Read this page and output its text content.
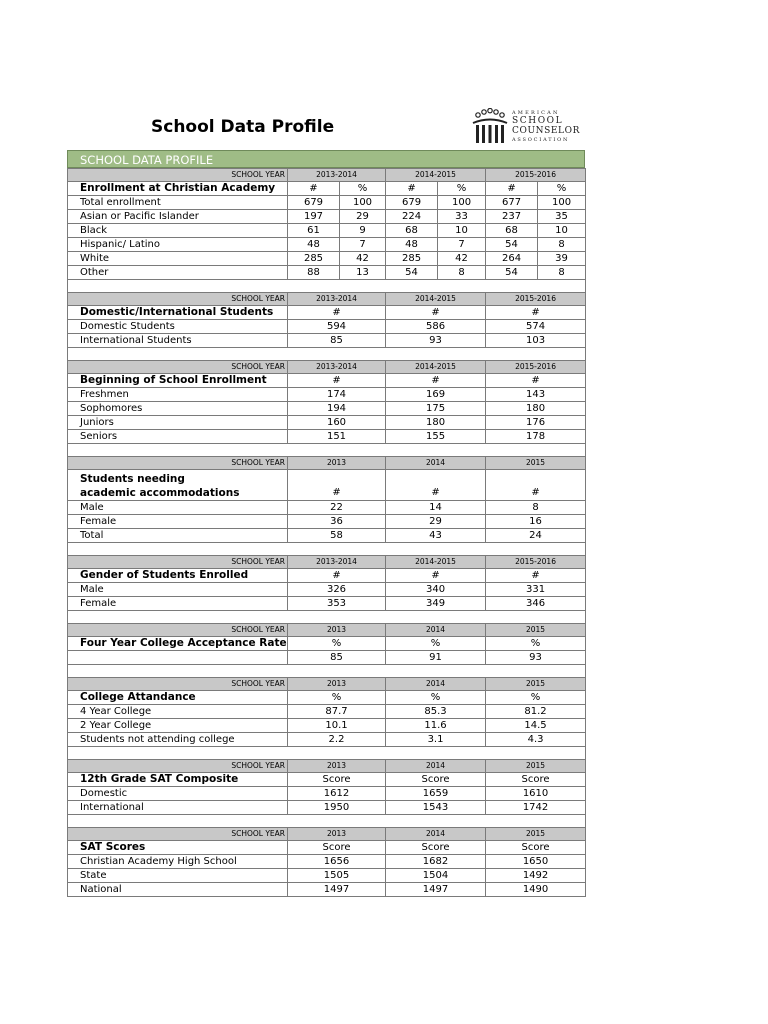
School Data Profile
AMERICAN
SCHOOL
COUNSELOR
ASSOCIATION
SCHOOL DATA PROFILE
SCHOOL YEAR	2013-2014		2014-2015		2015-2016	
Enrollment at Christian Academy	#	%	#	%	#	%
Total enrollment	679	100	679	100	677	100
Asian or Pacific Islander	197	29	224	33	237	35
Black	61	9	68	10	68	10
Hispanic/ Latino	48	7	48	7	54	8
White	285	42	285	42	264	39
Other	88	13	54	8	54	8

SCHOOL YEAR	2013-2014		2014-2015		2015-2016	
Domestic/International Students	#		#		#	
Domestic Students	594		586		574	
International Students	85		93		103	

SCHOOL YEAR	2013-2014		2014-2015		2015-2016	
Beginning of School Enrollment	#		#		#	
Freshmen	174		169		143	
Sophomores	194		175		180	
Juniors	160		180		176	
Seniors	151		155		178	

SCHOOL YEAR	2013		2014		2015	
Students needing
academic accommodations	#		#		#	
Male	22		14		8	
Female	36		29		16	
Total	58		43		24	

SCHOOL YEAR	2013-2014		2014-2015		2015-2016	
Gender of Students Enrolled	#		#		#	
Male	326		340		331	
Female	353		349		346	

SCHOOL YEAR	2013		2014		2015	
Four Year College Acceptance Rate	%		%		%	
	85		91		93	

SCHOOL YEAR	2013		2014		2015	
College Attandance	%		%		%	
4 Year College	87.7		85.3		81.2	
2 Year College	10.1		11.6		14.5	
Students not attending college	2.2		3.1		4.3	

SCHOOL YEAR	2013		2014		2015	
12th Grade SAT Composite	Score		Score		Score	
Domestic	1612		1659		1610	
International	1950		1543		1742	

SCHOOL YEAR	2013		2014		2015	
SAT Scores	Score		Score		Score	
Christian Academy High School	1656		1682		1650	
State	1505		1504		1492	
National	1497		1497		1490	
